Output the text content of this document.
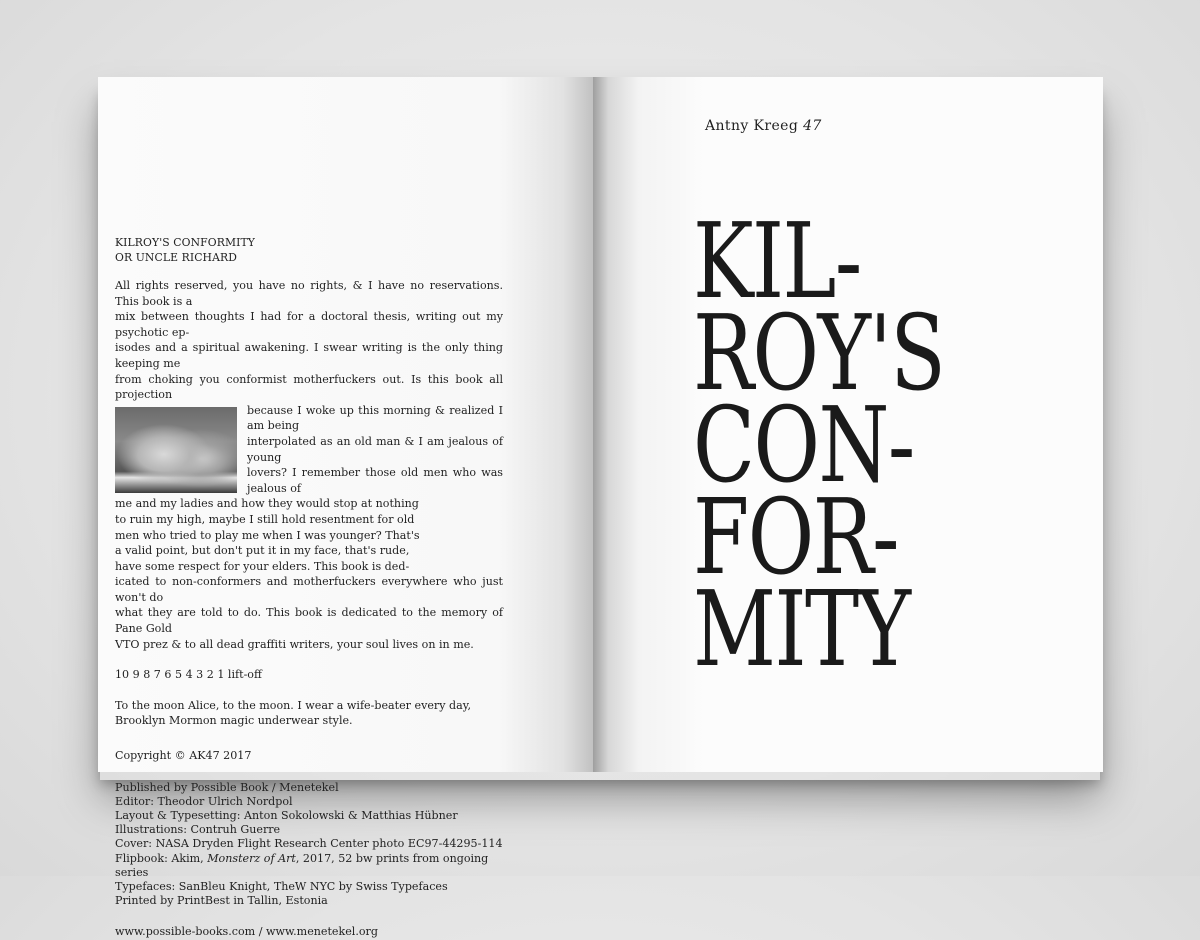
KILROY'S CONFORMITY
OR UNCLE RICHARD
All rights reserved, you have no rights, & I have no reservations. This book is a
mix between thoughts I had for a doctoral thesis, writing out my psychotic ep-
isodes and a spiritual awakening. I swear writing is the only thing keeping me
from choking you conformist motherfuckers out. Is this book all projection
because I woke up this morning & realized I am being
interpolated as an old man & I am jealous of young
lovers? I remember those old men who was jealous of
me and my ladies and how they would stop at nothing
to ruin my high, maybe I still hold resentment for old
men who tried to play me when I was younger? That's
a valid point, but don't put it in my face, that's rude,
have some respect for your elders. This book is ded-
icated to non-conformers and motherfuckers everywhere who just won't do
what they are told to do. This book is dedicated to the memory of Pane Gold
VTO prez & to all dead graffiti writers, your soul lives on in me.
10 9 8 7 6 5 4 3 2 1 lift-off
To the moon Alice, to the moon. I wear a wife-beater every day,
Brooklyn Mormon magic underwear style.
Copyright © AK47 2017
Published by Possible Book / Menetekel
Editor: Theodor Ulrich Nordpol
Layout & Typesetting: Anton Sokolowski & Matthias Hübner
Illustrations: Contruh Guerre
Cover: NASA Dryden Flight Research Center photo EC97-44295-114
Flipbook: Akim, Monsterz of Art, 2017, 52 bw prints from ongoing series
Typefaces: SanBleu Knight, TheW NYC by Swiss Typefaces
Printed by PrintBest in Tallin, Estonia
www.possible-books.com / www.menetekel.org
Antny Kreeg 47
KIL-
ROY'S
CON-
FOR-
MITY
